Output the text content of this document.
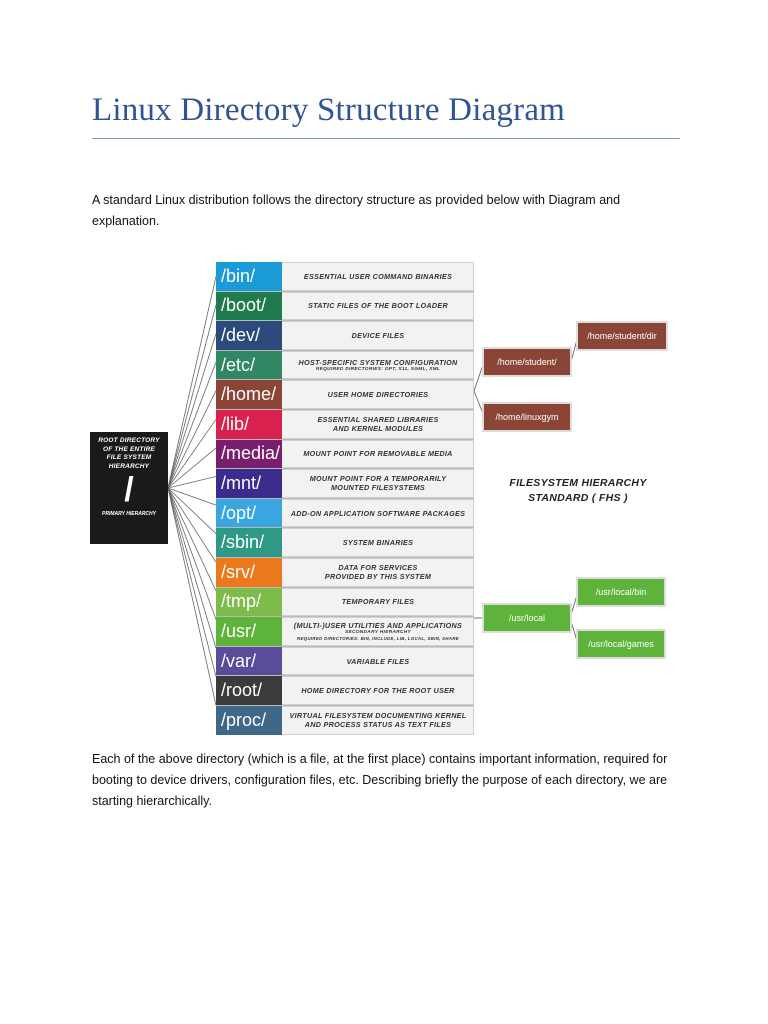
Linux Directory Structure Diagram

A standard Linux distribution follows the directory structure as provided below with Diagram and explanation.

ROOT DIRECTORY
OF THE ENTIRE
FILE SYSTEM
HIERARCHY
/
PRIMARY HIERARCHY
/bin/	ESSENTIAL USER COMMAND BINARIES
/boot/	STATIC FILES OF THE BOOT LOADER
/dev/	DEVICE FILES
/etc/	HOST-SPECIFIC SYSTEM CONFIGURATION
REQUIRED DIRECTORIES: OPT, X11, SGML, XML
/home/	USER HOME DIRECTORIES
/lib/	ESSENTIAL SHARED LIBRARIES
AND KERNEL MODULES
/media/	MOUNT POINT FOR REMOVABLE MEDIA
/mnt/	MOUNT POINT FOR A TEMPORARILY
MOUNTED FILESYSTEMS
/opt/	ADD-ON APPLICATION SOFTWARE PACKAGES
/sbin/	SYSTEM BINARIES
/srv/	DATA FOR SERVICES
PROVIDED BY THIS SYSTEM
/tmp/	TEMPORARY FILES
/usr/	(MULTI-)USER UTILITIES AND APPLICATIONS
SECONDARY HIERARCHY
REQUIRED DIRECTORIES: BIN, INCLUDE, LIB, LOCAL, SBIN, SHARE
/var/	VARIABLE FILES
/root/	HOME DIRECTORY FOR THE ROOT USER
/proc/	VIRTUAL FILESYSTEM DOCUMENTING KERNEL
AND PROCESS STATUS AS TEXT FILES
/home/student/
/home/student/dir
/home/linuxgym
FILESYSTEM HIERARCHY
STANDARD ( FHS )
/usr/local
/usr/local/bin
/usr/local/games

Each of the above directory (which is a file, at the first place) contains important information, required for booting to device drivers, configuration files, etc. Describing briefly the purpose of each directory, we are starting hierarchically.
